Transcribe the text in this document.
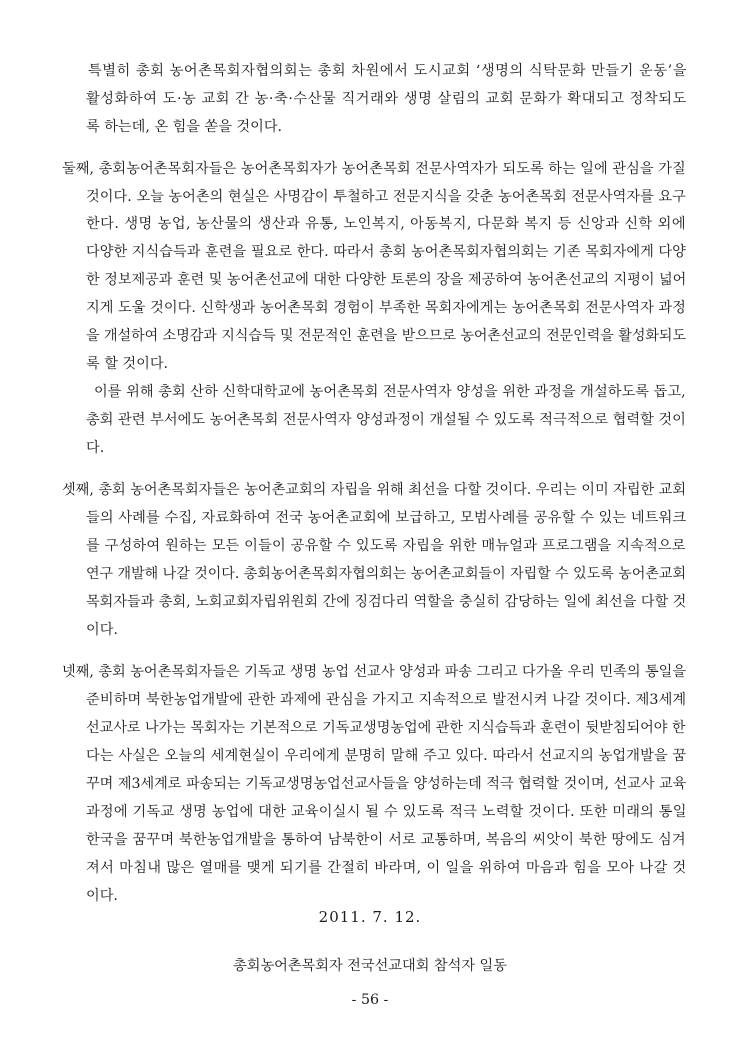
특별히 총회 농어촌목회자협의회는 총회 차원에서 도시교회 ‘생명의 식탁문화 만들기 운동’을
활성화하여 도·농 교회 간 농·축·수산물 직거래와 생명 살림의 교회 문화가 확대되고 정착되도
록 하는데, 온 힘을 쏟을 것이다.
둘째, 총회농어촌목회자들은 농어촌목회자가 농어촌목회 전문사역자가 되도록 하는 일에 관심을 가질
것이다. 오늘 농어촌의 현실은 사명감이 투철하고 전문지식을 갖춘 농어촌목회 전문사역자를 요구
한다. 생명 농업, 농산물의 생산과 유통, 노인복지, 아동복지, 다문화 복지 등 신앙과 신학 외에
다양한 지식습득과 훈련을 필요로 한다. 따라서 총회 농어촌목회자협의회는 기존 목회자에게 다양
한 정보제공과 훈련 및 농어촌선교에 대한 다양한 토론의 장을 제공하여 농어촌선교의 지평이 넓어
지게 도울 것이다. 신학생과 농어촌목회 경험이 부족한 목회자에게는 농어촌목회 전문사역자 과정
을 개설하여 소명감과 지식습득 및 전문적인 훈련을 받으므로 농어촌선교의 전문인력을 활성화되도
록 할 것이다.
이를 위해 총회 산하 신학대학교에 농어촌목회 전문사역자 양성을 위한 과정을 개설하도록 돕고,
총회 관련 부서에도 농어촌목회 전문사역자 양성과정이 개설될 수 있도록 적극적으로 협력할 것이
다.
셋째, 총회 농어촌목회자들은 농어촌교회의 자립을 위해 최선을 다할 것이다. 우리는 이미 자립한 교회
들의 사례를 수집, 자료화하여 전국 농어촌교회에 보급하고, 모범사례를 공유할 수 있는 네트워크
를 구성하여 원하는 모든 이들이 공유할 수 있도록 자립을 위한 매뉴얼과 프로그램을 지속적으로
연구 개발해 나갈 것이다. 총회농어촌목회자협의회는 농어촌교회들이 자립할 수 있도록 농어촌교회
목회자들과 총회, 노회교회자립위원회 간에 징검다리 역할을 충실히 감당하는 일에 최선을 다할 것
이다.
넷째, 총회 농어촌목회자들은 기독교 생명 농업 선교사 양성과 파송 그리고 다가올 우리 민족의 통일을
준비하며 북한농업개발에 관한 과제에 관심을 가지고 지속적으로 발전시켜 나갈 것이다. 제3세계
선교사로 나가는 목회자는 기본적으로 기독교생명농업에 관한 지식습득과 훈련이 뒷받침되어야 한
다는 사실은 오늘의 세계현실이 우리에게 분명히 말해 주고 있다. 따라서 선교지의 농업개발을 꿈
꾸며 제3세계로 파송되는 기독교생명농업선교사들을 양성하는데 적극 협력할 것이며, 선교사 교육
과정에 기독교 생명 농업에 대한 교육이실시 될 수 있도록 적극 노력할 것이다. 또한 미래의 통일
한국을 꿈꾸며 북한농업개발을 통하여 남북한이 서로 교통하며, 복음의 씨앗이 북한 땅에도 심겨
져서 마침내 많은 열매를 맺게 되기를 간절히 바라며, 이 일을 위하여 마음과 힘을 모아 나갈 것
이다.
2011. 7. 12.
총회농어촌목회자 전국선교대회 참석자 일동
- 56 -
